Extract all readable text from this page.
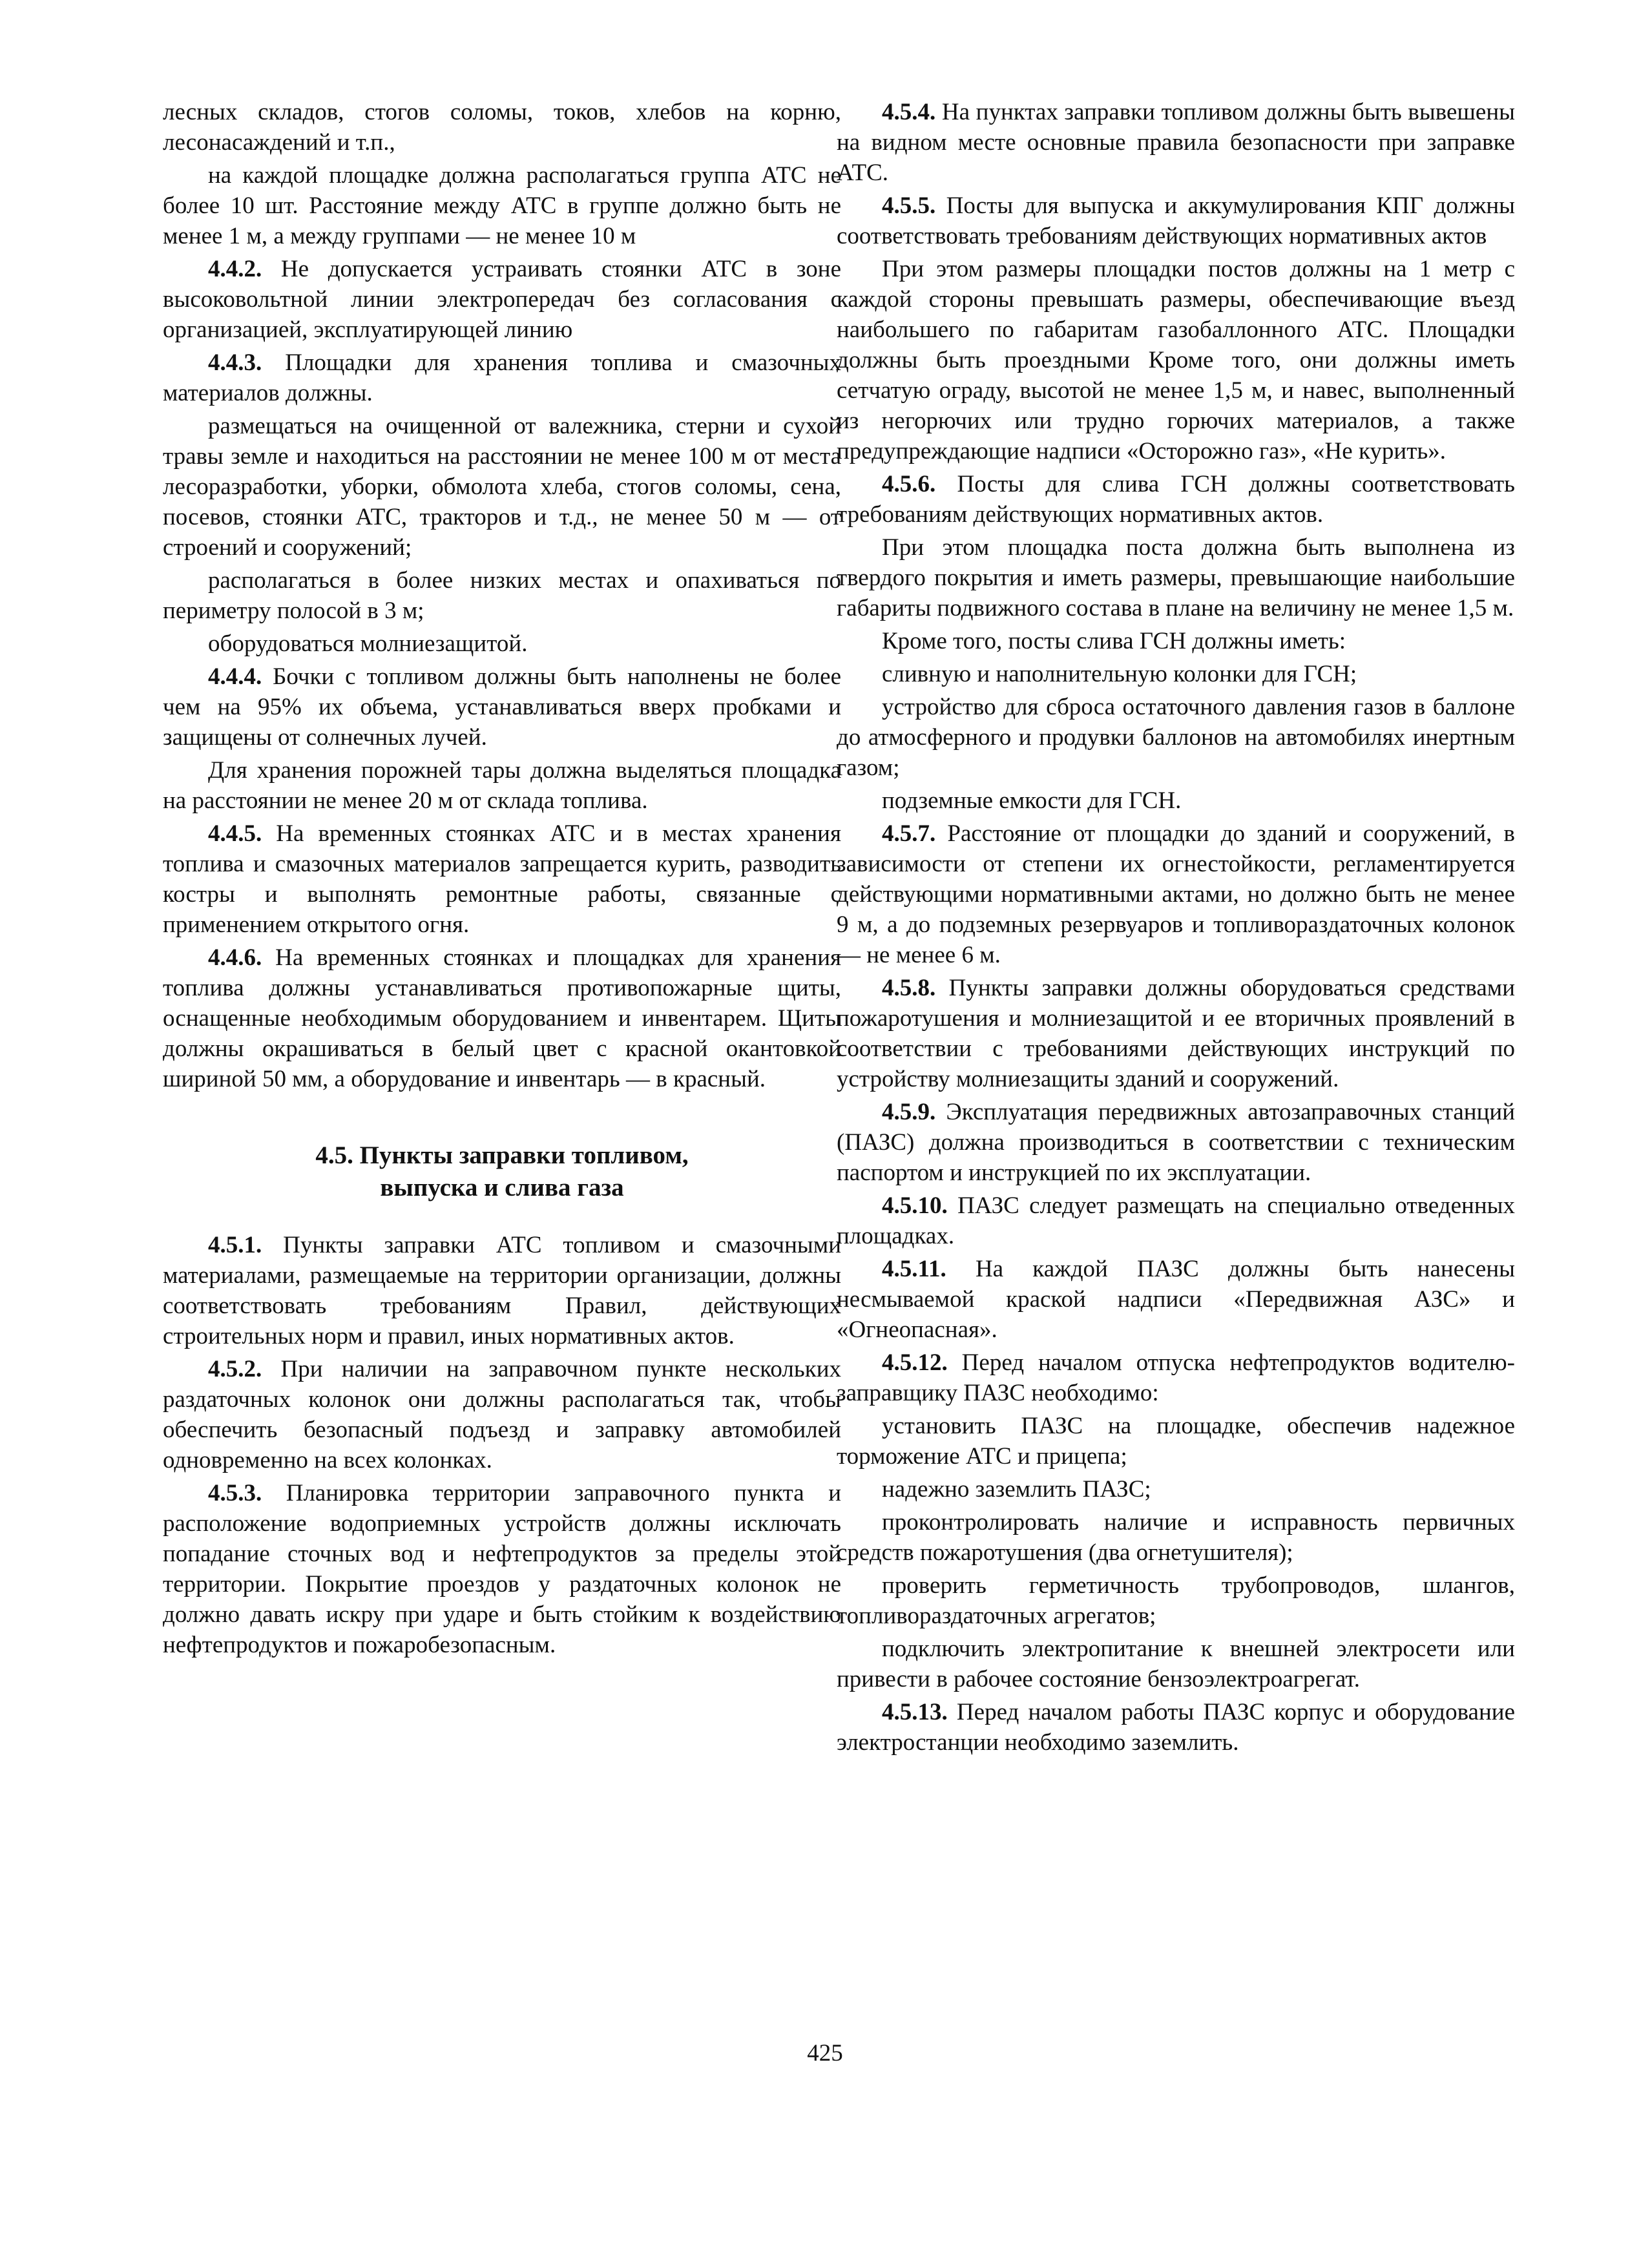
лесных складов, стогов соломы, токов, хлебов на корню, лесонасаждений и т.п.,

на каждой площадке должна располагаться группа АТС не более 10 шт. Расстояние между АТС в группе должно быть не менее 1 м, а между группами — не менее 10 м

4.4.2. Не допускается устраивать стоянки АТС в зоне высоковольтной линии электропередач без согласования с организацией, эксплуатирующей линию

4.4.3. Площадки для хранения топлива и смазочных материалов должны.

размещаться на очищенной от валежника, стерни и сухой травы земле и находиться на расстоянии не менее 100 м от места лесоразработки, уборки, обмолота хлеба, стогов соломы, сена, посевов, стоянки АТС, тракторов и т.д., не менее 50 м — от строений и сооружений;

располагаться в более низких местах и опахиваться по периметру полосой в 3 м;

оборудоваться молниезащитой.

4.4.4. Бочки с топливом должны быть наполнены не более чем на 95% их объема, устанавливаться вверх пробками и защищены от солнечных лучей.

Для хранения порожней тары должна выделяться площадка на расстоянии не менее 20 м от склада топлива.

4.4.5. На временных стоянках АТС и в местах хранения топлива и смазочных материалов запрещается курить, разводить костры и выполнять ремонтные работы, связанные с применением открытого огня.

4.4.6. На временных стоянках и площадках для хранения топлива должны устанавливаться противопожарные щиты, оснащенные необходимым оборудованием и инвентарем. Щиты должны окрашиваться в белый цвет с красной окантовкой шириной 50 мм, а оборудование и инвентарь — в красный.

4.5. Пункты заправки топливом,
выпуска и слива газа

4.5.1. Пункты заправки АТС топливом и смазочными материалами, размещаемые на территории организации, должны соответствовать требованиям Правил, действующих строительных норм и правил, иных нормативных актов.

4.5.2. При наличии на заправочном пункте нескольких раздаточных колонок они должны располагаться так, чтобы обеспечить безопасный подъезд и заправку автомобилей одновременно на всех колонках.

4.5.3. Планировка территории заправочного пункта и расположение водоприемных устройств должны исключать попадание сточных вод и нефтепродуктов за пределы этой территории. Покрытие проездов у раздаточных колонок не должно давать искру при ударе и быть стойким к воздействию нефтепродуктов и пожаробезопасным.

4.5.4. На пунктах заправки топливом должны быть вывешены на видном месте основные правила безопасности при заправке АТС.

4.5.5. Посты для выпуска и аккумулирования КПГ должны соответствовать требованиям действующих нормативных актов

При этом размеры площадки постов должны на 1 метр с каждой стороны превышать размеры, обеспечивающие въезд наибольшего по габаритам газобаллонного АТС. Площадки должны быть проездными Кроме того, они должны иметь сетчатую ограду, высотой не менее 1,5 м, и навес, выполненный из негорючих или трудно горючих материалов, а также предупреждающие надписи «Осторожно газ», «Не курить».

4.5.6. Посты для слива ГСН должны соответствовать требованиям действующих нормативных актов.

При этом площадка поста должна быть выполнена из твердого покрытия и иметь размеры, превышающие наибольшие габариты подвижного состава в плане на величину не менее 1,5 м.

Кроме того, посты слива ГСН должны иметь:

сливную и наполнительную колонки для ГСН;

устройство для сброса остаточного давления газов в баллоне до атмосферного и продувки баллонов на автомобилях инертным газом;

подземные емкости для ГСН.

4.5.7. Расстояние от площадки до зданий и сооружений, в зависимости от степени их огнестойкости, регламентируется действующими нормативными актами, но должно быть не менее 9 м, а до подземных резервуаров и топливораздаточных колонок — не менее 6 м.

4.5.8. Пункты заправки должны оборудоваться средствами пожаротушения и молниезащитой и ее вторичных проявлений в соответствии с требованиями действующих инструкций по устройству молниезащиты зданий и сооружений.

4.5.9. Эксплуатация передвижных автозаправочных станций (ПАЗС) должна производиться в соответствии с техническим паспортом и инструкцией по их эксплуатации.

4.5.10. ПАЗС следует размещать на специально отведенных площадках.

4.5.11. На каждой ПАЗС должны быть нанесены несмываемой краской надписи «Передвижная АЗС» и «Огнеопасная».

4.5.12. Перед началом отпуска нефтепродуктов водителю-заправщику ПАЗС необходимо:

установить ПАЗС на площадке, обеспечив надежное торможение АТС и прицепа;

надежно заземлить ПАЗС;

проконтролировать наличие и исправность первичных средств пожаротушения (два огнетушителя);

проверить герметичность трубопроводов, шлангов, топливораздаточных агрегатов;

подключить электропитание к внешней электросети или привести в рабочее состояние бензоэлектроагрегат.

4.5.13. Перед началом работы ПАЗС корпус и оборудование электростанции необходимо заземлить.

425
